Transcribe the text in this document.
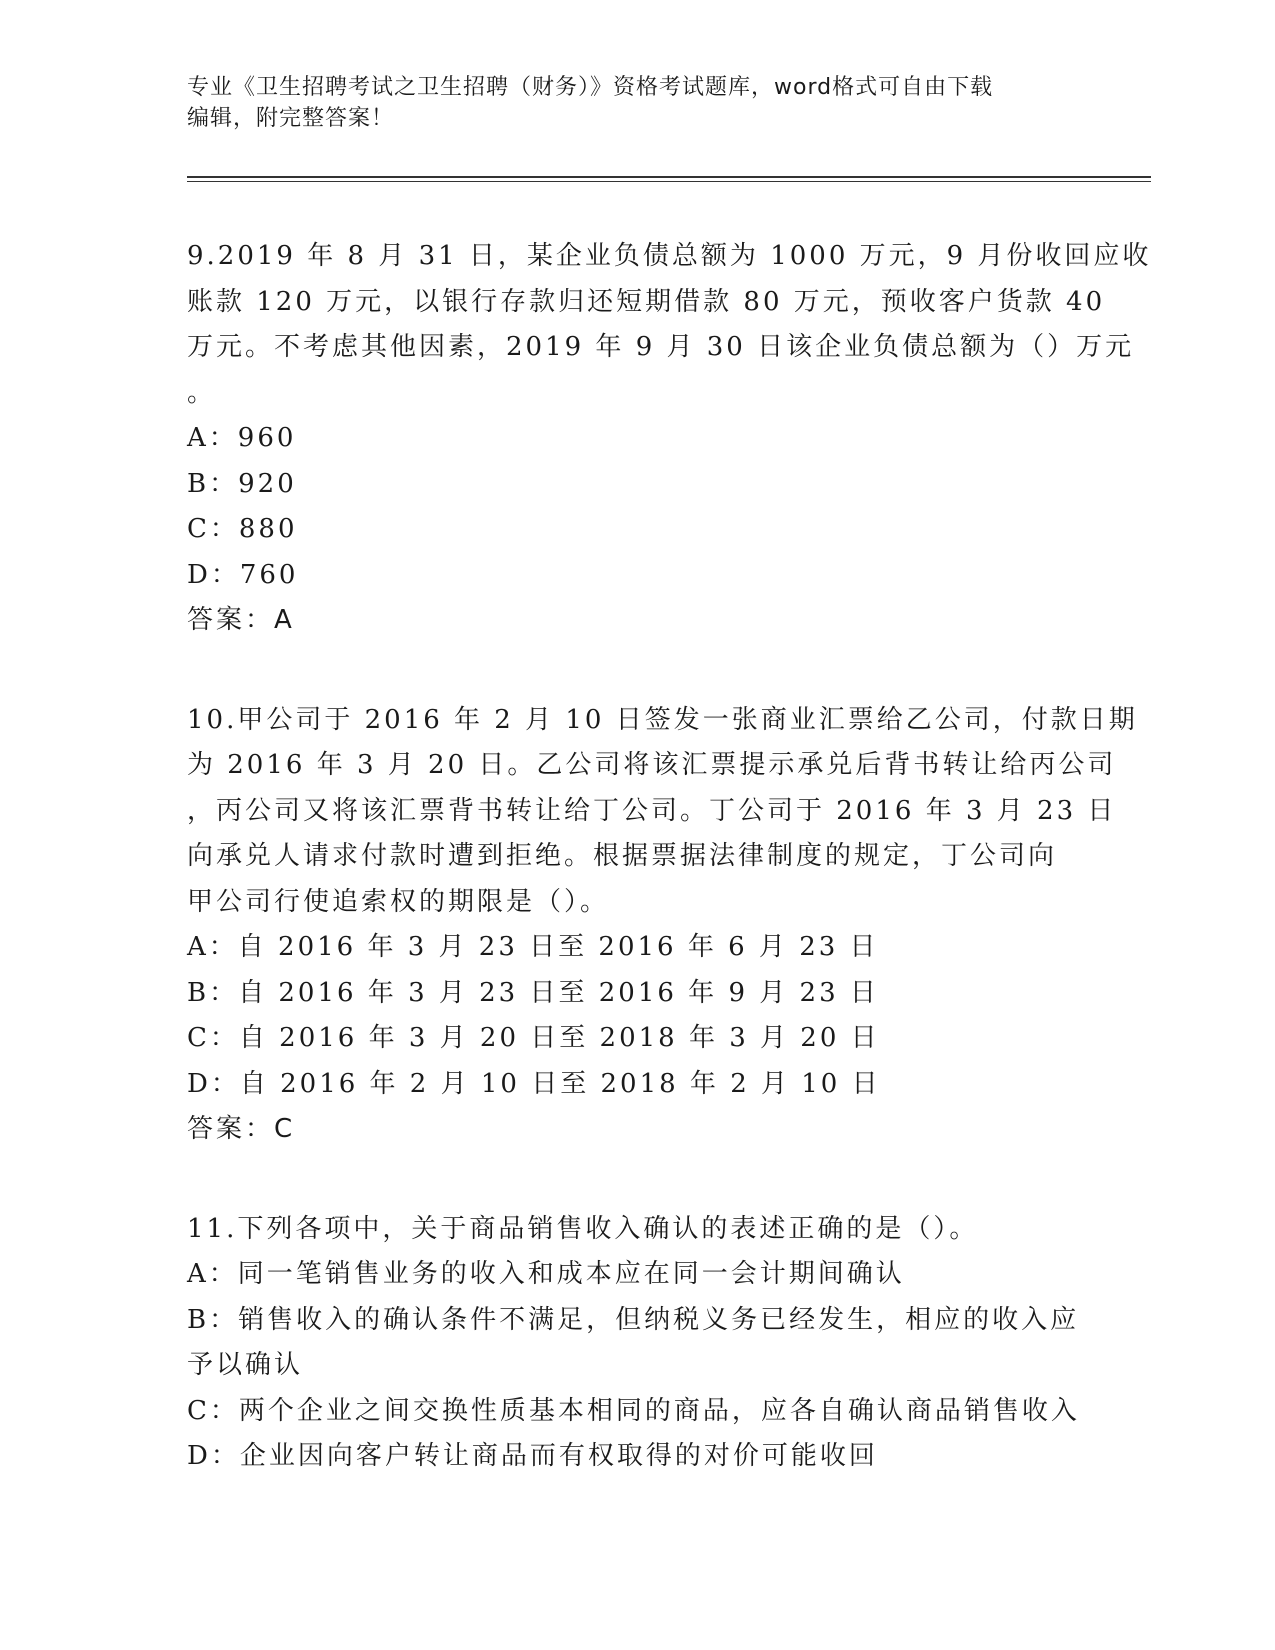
专业《卫生招聘考试之卫生招聘（财务）》资格考试题库，word格式可自由下载
编辑，附完整答案！
9.2019 年 8 月 31 日，某企业负债总额为 1000 万元，9 月份收回应收
账款 120 万元，以银行存款归还短期借款 80 万元，预收客户货款 40
万元。不考虑其他因素，2019 年 9 月 30 日该企业负债总额为（）万元
。
A：960
B：920
C：880
D：760
答案：A
10.甲公司于 2016 年 2 月 10 日签发一张商业汇票给乙公司，付款日期
为 2016 年 3 月 20 日。乙公司将该汇票提示承兑后背书转让给丙公司
，丙公司又将该汇票背书转让给丁公司。丁公司于 2016 年 3 月 23 日
向承兑人请求付款时遭到拒绝。根据票据法律制度的规定，丁公司向
甲公司行使追索权的期限是（）。
A：自 2016 年 3 月 23 日至 2016 年 6 月 23 日
B：自 2016 年 3 月 23 日至 2016 年 9 月 23 日
C：自 2016 年 3 月 20 日至 2018 年 3 月 20 日
D：自 2016 年 2 月 10 日至 2018 年 2 月 10 日
答案：C
11.下列各项中，关于商品销售收入确认的表述正确的是（）。
A：同一笔销售业务的收入和成本应在同一会计期间确认
B：销售收入的确认条件不满足，但纳税义务已经发生，相应的收入应
予以确认
C：两个企业之间交换性质基本相同的商品，应各自确认商品销售收入
D：企业因向客户转让商品而有权取得的对价可能收回
